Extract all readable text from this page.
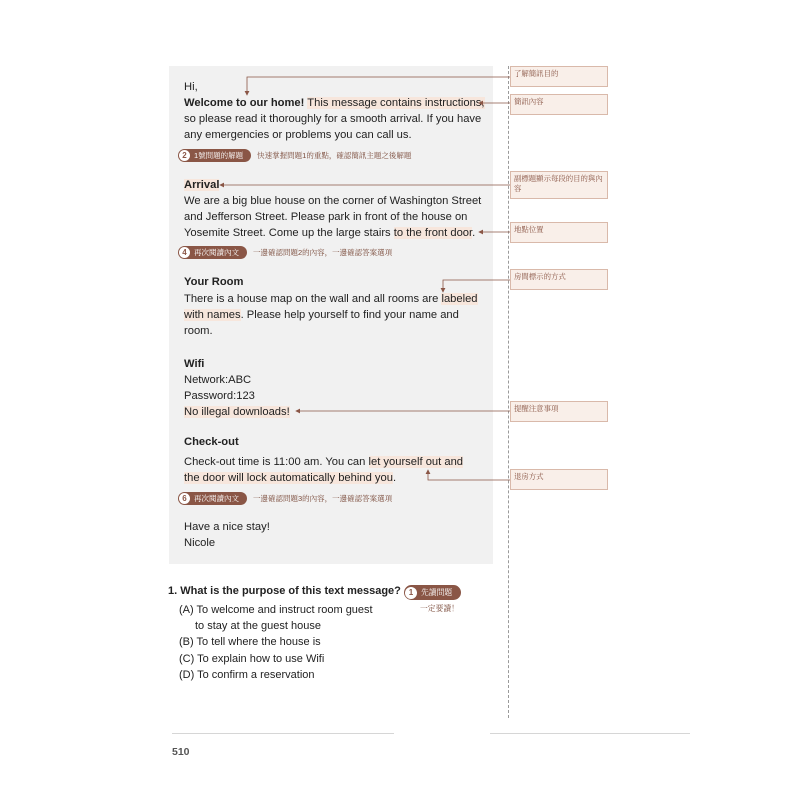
Hi,
Welcome to our home! This message contains instructions,
so please read it thoroughly for a smooth arrival. If you have
any emergencies or problems you can call us.
2 1號問題的解題 快速掌握問題1的重點，確認簡訊主題之後解題
Arrival
We are a big blue house on the corner of Washington Street
and Jefferson Street. Please park in front of the house on
Yosemite Street. Come up the large stairs to the front door.
4 再次閱讀內文 一邊確認問題2的內容，一邊確認答案選項
Your Room
There is a house map on the wall and all rooms are labeled
with names. Please help yourself to find your name and
room.
Wifi
Network:ABC
Password:123
No illegal downloads!
Check-out
Check-out time is 11:00 am. You can let yourself out and
the door will lock automatically behind you.
6 再次閱讀內文 一邊確認問題3的內容，一邊確認答案選項
Have a nice stay!
Nicole
了解簡訊目的
簡訊內容
副標題顯示每段的目的與內容
地點位置
房間標示的方式
提醒注意事項
退房方式
1. What is the purpose of this text message? 1 先讀問題
一定要讀！
(A) To welcome and instruct room guest
to stay at the guest house
(B) To tell where the house is
(C) To explain how to use Wifi
(D) To confirm a reservation
510
